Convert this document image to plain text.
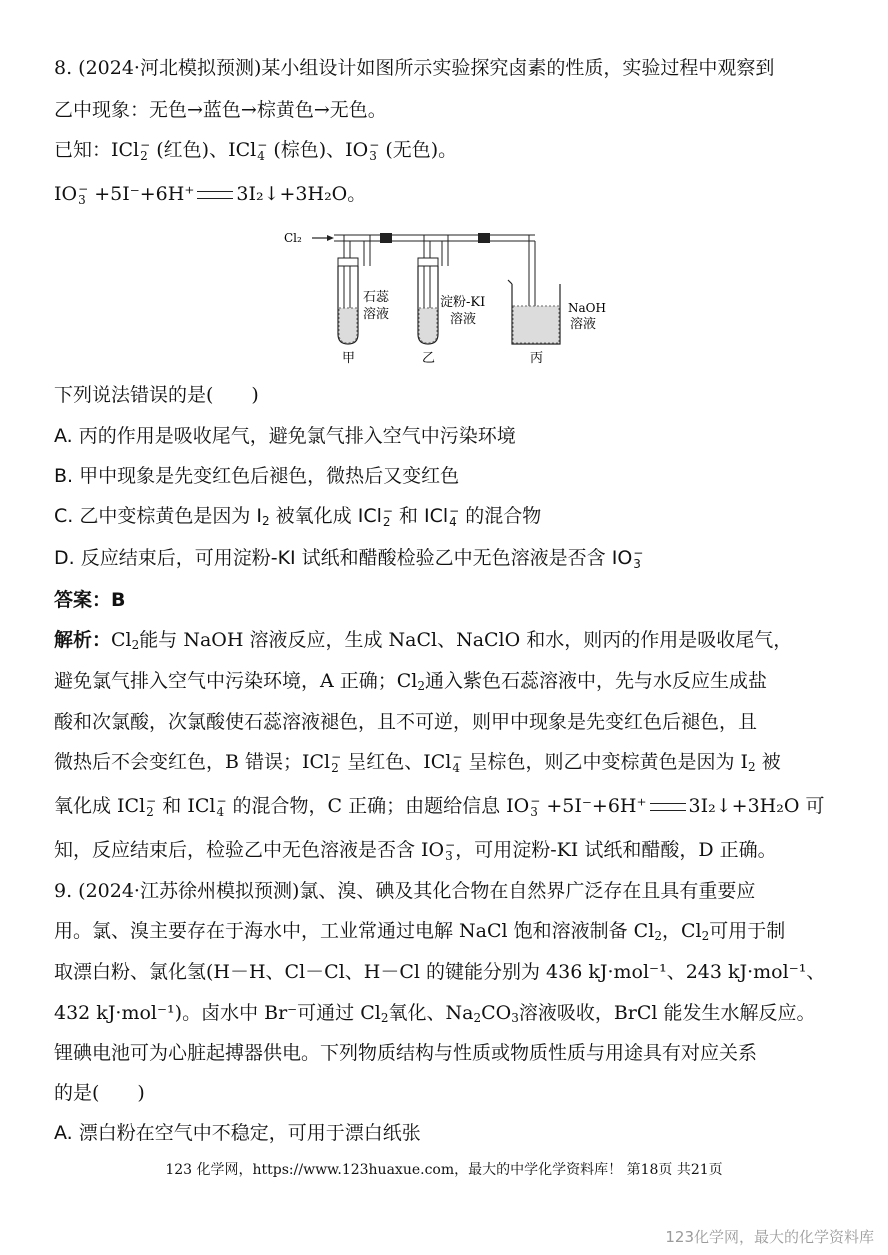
8. (2024·河北模拟预测)某小组设计如图所示实验探究卤素的性质，实验过程中观察到
乙中现象：无色→蓝色→棕黄色→无色。
已知：ICl −
2 (红色)、ICl −
4 (棕色)、IO −
3 (无色)。
IO −
3 +5I⁻+6H⁺ 3I₂↓+3H₂O。
Cl₂
石蕊
溶液
甲
淀粉-KI
溶液
乙
NaOH
溶液
丙
下列说法错误的是(　　)
A. 丙的作用是吸收尾气，避免氯气排入空气中污染环境
B. 甲中现象是先变红色后褪色，微热后又变红色
C. 乙中变棕黄色是因为 $I_2$ 被氧化成 ICl −
2 和 ICl −
4 的混合物
D. 反应结束后，可用淀粉-KI 试纸和醋酸检验乙中无色溶液是否含 IO −
3
答案：B
解析：$Cl_2$能与 NaOH 溶液反应，生成 NaCl、NaClO 和水，则丙的作用是吸收尾气，
避免氯气排入空气中污染环境，A 正确；$Cl_2$通入紫色石蕊溶液中，先与水反应生成盐
酸和次氯酸，次氯酸使石蕊溶液褪色，且不可逆，则甲中现象是先变红色后褪色，且
微热后不会变红色，B 错误；ICl −
2 呈红色、ICl −
4 呈棕色，则乙中变棕黄色是因为 $I_2$ 被
氧化成 ICl −
2 和 ICl −
4 的混合物，C 正确；由题给信息 IO −
3 +5I⁻+6H⁺ 3I₂↓+3H₂O 可
知，反应结束后，检验乙中无色溶液是否含 IO −
3 ，可用淀粉-KI 试纸和醋酸，D 正确。
9. (2024·江苏徐州模拟预测)氯、溴、碘及其化合物在自然界广泛存在且具有重要应
用。氯、溴主要存在于海水中，工业常通过电解 NaCl 饱和溶液制备 $Cl_2$，$Cl_2$可用于制
取漂白粉、氯化氢(H－H、Cl－Cl、H－Cl 的键能分别为 436 kJ·mol⁻¹、243 kJ·mol⁻¹、
432 kJ·mol⁻¹)。卤水中 Br⁻可通过 $Cl_2$氧化、$Na_2CO_3$溶液吸收，BrCl 能发生水解反应。
锂碘电池可为心脏起搏器供电。下列物质结构与性质或物质性质与用途具有对应关系
的是(　　)
A. 漂白粉在空气中不稳定，可用于漂白纸张
123 化学网，https://www.123huaxue.com，最大的中学化学资料库！ 第18页 共21页
123化学网，最大的化学资料库
